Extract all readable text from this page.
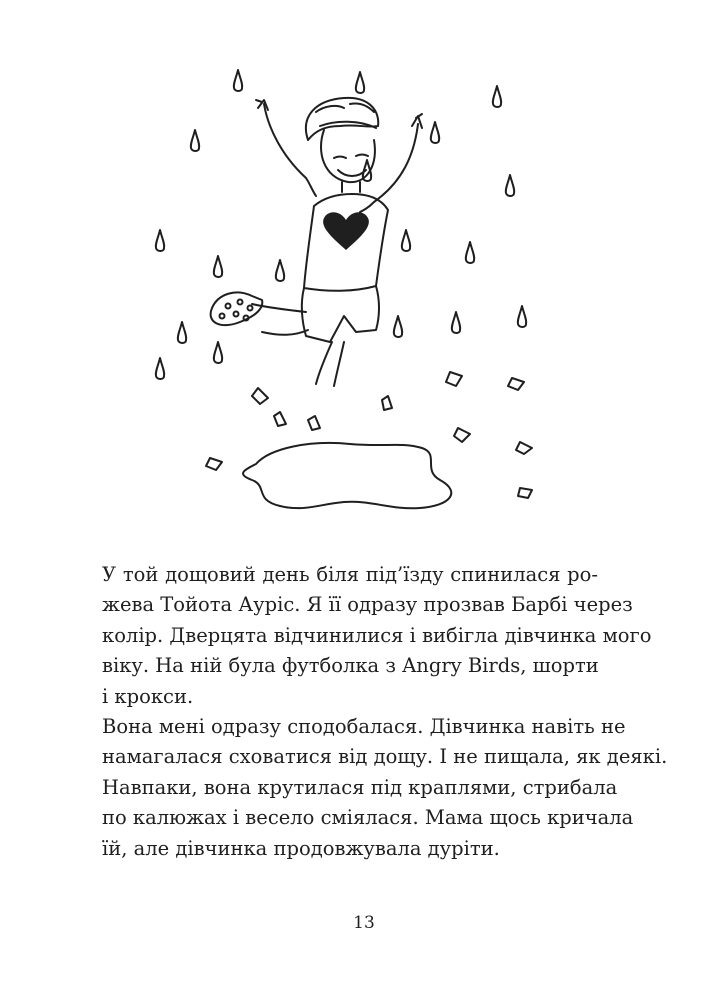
У той дощовий день біля під’їзду спинилася ро-
жева Тойота Ауріс. Я її одразу прозвав Барбі через
колір. Дверцята відчинилися і вибігла дівчинка мого
віку. На ній була футболка з Angry Birds, шорти
і крокси.

Вона мені одразу сподобалася. Дівчинка навіть не
намагалася сховатися від дощу. І не пищала, як деякі.
Навпаки, вона крутилася під краплями, стрибала
по калюжах і весело сміялася. Мама щось кричала
їй, але дівчинка продовжувала дуріти.

13
